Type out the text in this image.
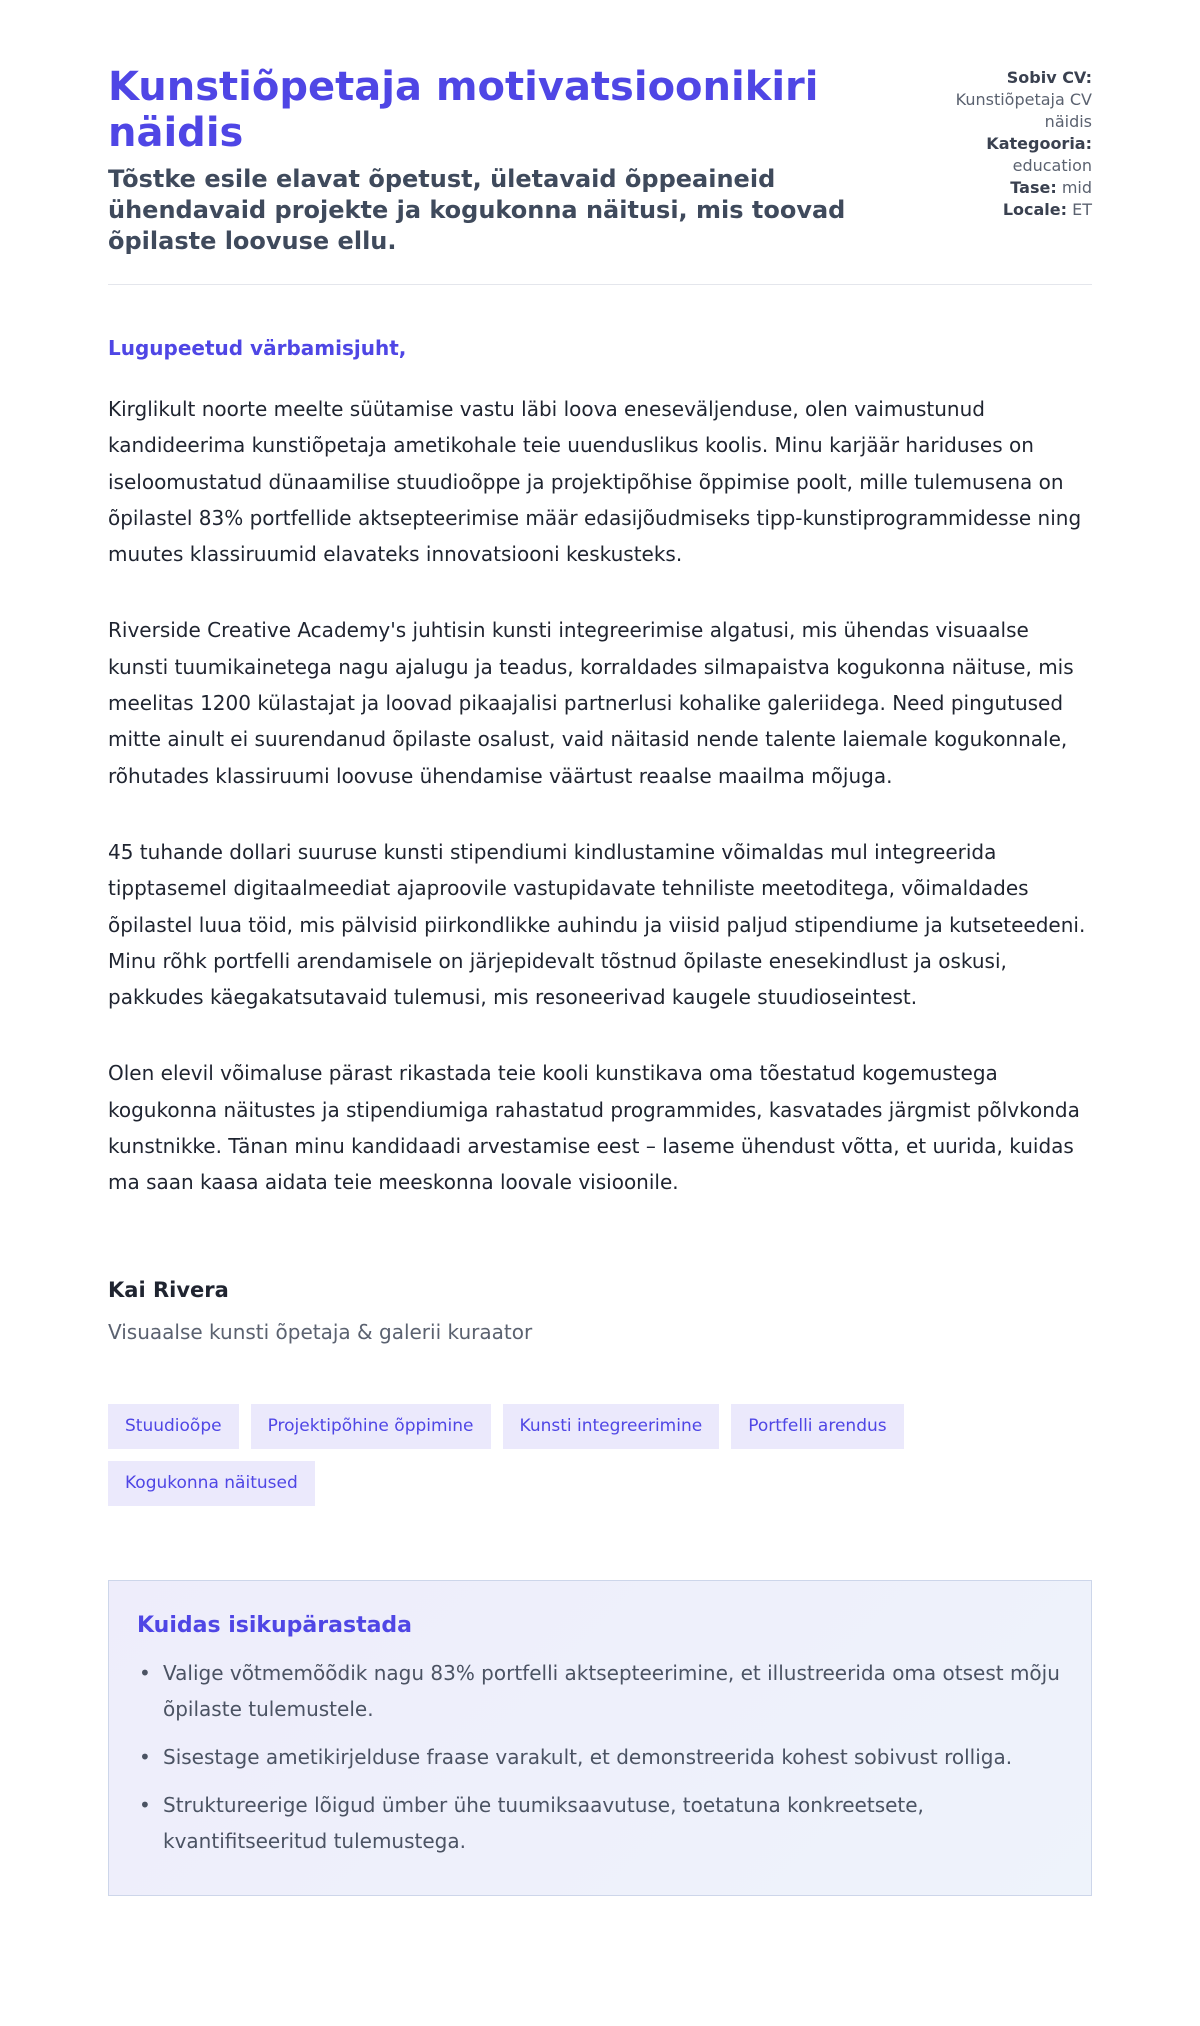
Kunstiõpetaja motivatsioonikiri näidis
Tõstke esile elavat õpetust, ületavaid õppeaineid ühendavaid projekte ja kogukonna näitusi, mis toovad õpilaste loovuse ellu.
Sobiv CV:
Kunstiõpetaja CV näidis
Kategooria:
education
Tase: mid
Locale: ET
Lugupeetud värbamisjuht,

Kirglikult noorte meelte süütamise vastu läbi loova eneseväljenduse, olen vaimustunud kandideerima kunstiõpetaja ametikohale teie uuenduslikus koolis. Minu karjäär hariduses on iseloomustatud dünaamilise stuudioõppe ja projektipõhise õppimise poolt, mille tulemusena on õpilastel 83% portfellide aktsepteerimise määr edasijõudmiseks tipp-kunstiprogrammidesse ning muutes klassiruumid elavateks innovatsiooni keskusteks.

Riverside Creative Academy's juhtisin kunsti integreerimise algatusi, mis ühendas visuaalse kunsti tuumikainetega nagu ajalugu ja teadus, korraldades silmapaistva kogukonna näituse, mis meelitas 1200 külastajat ja loovad pikaajalisi partnerlusi kohalike galeriidega. Need pingutused mitte ainult ei suurendanud õpilaste osalust, vaid näitasid nende talente laiemale kogukonnale, rõhutades klassiruumi loovuse ühendamise väärtust reaalse maailma mõjuga.

45 tuhande dollari suuruse kunsti stipendiumi kindlustamine võimaldas mul integreerida tipptasemel digitaalmeediat ajaproovile vastupidavate tehniliste meetoditega, võimaldades õpilastel luua töid, mis pälvisid piirkondlikke auhindu ja viisid paljud stipendiume ja kutseteedeni. Minu rõhk portfelli arendamisele on järjepidevalt tõstnud õpilaste enesekindlust ja oskusi, pakkudes käegakatsutavaid tulemusi, mis resoneerivad kaugele stuudioseintest.

Olen elevil võimaluse pärast rikastada teie kooli kunstikava oma tõestatud kogemustega kogukonna näitustes ja stipendiumiga rahastatud programmides, kasvatades järgmist põlvkonda kunstnikke. Tänan minu kandidaadi arvestamise eest – laseme ühendust võtta, et uurida, kuidas ma saan kaasa aidata teie meeskonna loovale visioonile.

Kai Rivera
Visuaalse kunsti õpetaja & galerii kuraator
Stuudioõpe	Projektipõhine õppimine	Kunsti integreerimine	Portfelli arendus
Kogukonna näitused
Kuidas isikupärastada
• Valige võtmemõõdik nagu 83% portfelli aktsepteerimine, et illustreerida oma otsest mõju õpilaste tulemustele.
• Sisestage ametikirjelduse fraase varakult, et demonstreerida kohest sobivust rolliga.
• Struktureerige lõigud ümber ühe tuumiksaavutuse, toetatuna konkreetsete, kvantifitseeritud tulemustega.
